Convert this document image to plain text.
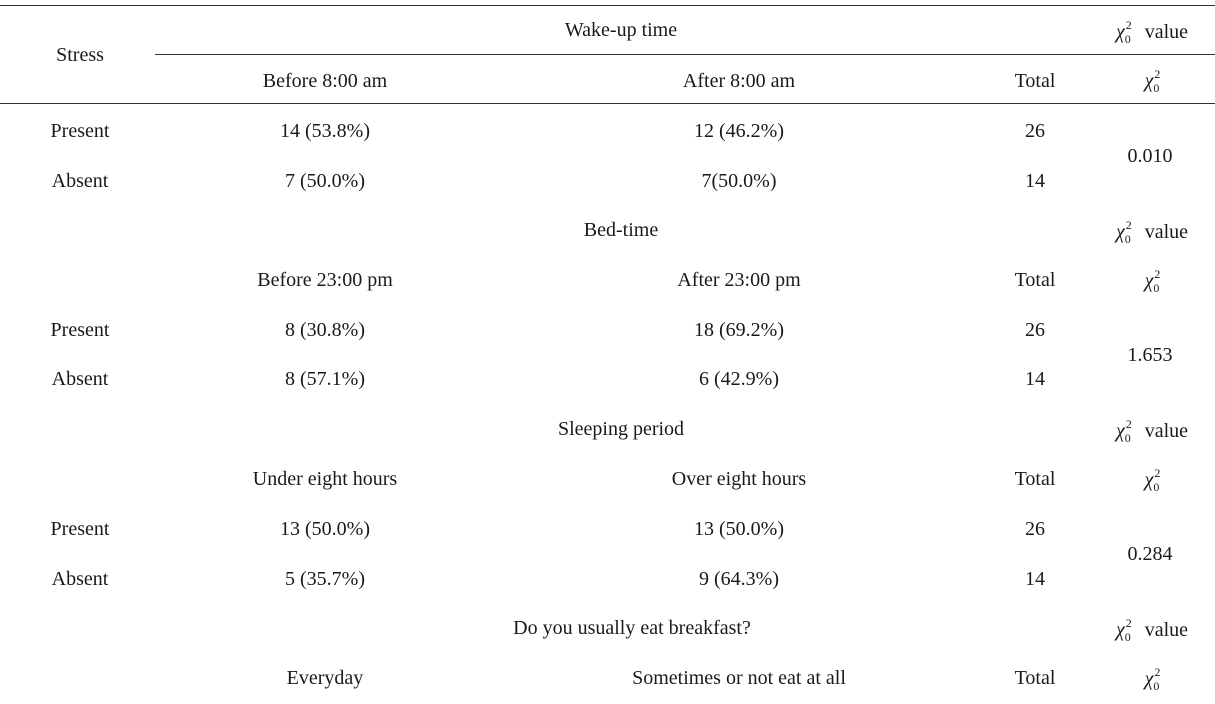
Stress
Wake-up time	$\chi^2_0$ value
Before 8:00 am	After 8:00 am	Total	$\chi^2_0$
Present	14 (53.8%)	12 (46.2%)	26
Absent	7 (50.0%)	7(50.0%)	14
0.010
Bed-time	$\chi^2_0$ value
Before 23:00 pm	After 23:00 pm	Total	$\chi^2_0$
Present	8 (30.8%)	18 (69.2%)	26
Absent	8 (57.1%)	6 (42.9%)	14
1.653
Sleeping period	$\chi^2_0$ value
Under eight hours	Over eight hours	Total	$\chi^2_0$
Present	13 (50.0%)	13 (50.0%)	26
Absent	5 (35.7%)	9 (64.3%)	14
0.284
Do you usually eat breakfast?	$\chi^2_0$ value
Everyday	Sometimes or not eat at all	Total	$\chi^2_0$
